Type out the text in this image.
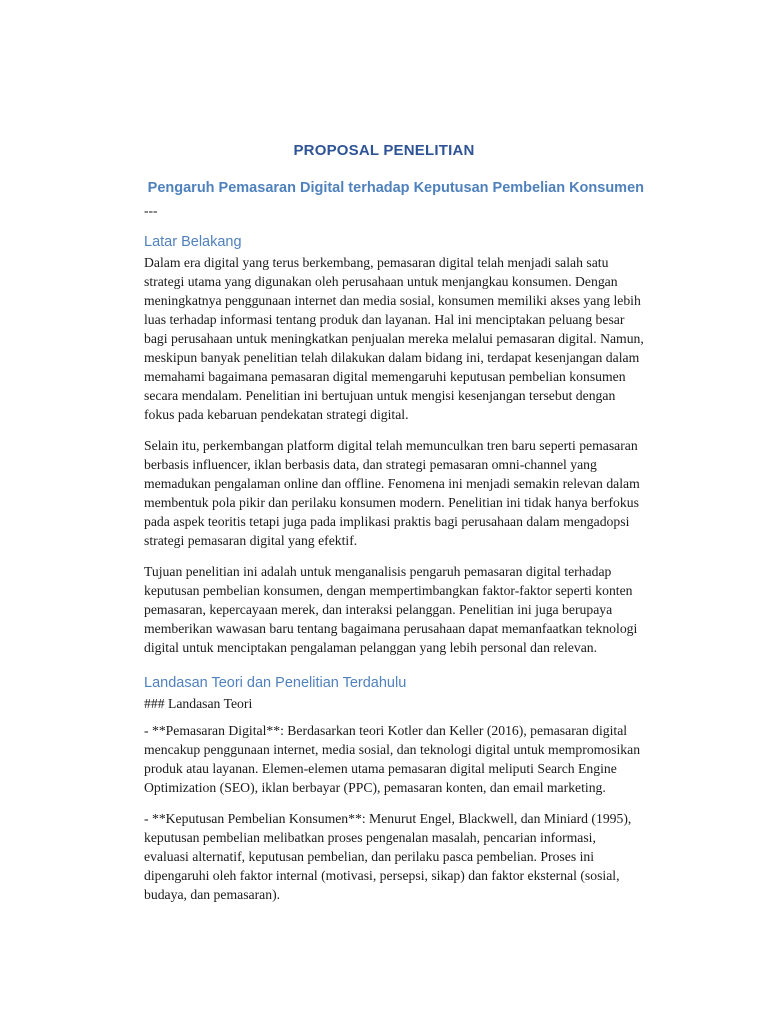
PROPOSAL PENELITIAN
Pengaruh Pemasaran Digital terhadap Keputusan Pembelian Konsumen
---
Latar Belakang

Dalam era digital yang terus berkembang, pemasaran digital telah menjadi salah satu strategi utama yang digunakan oleh perusahaan untuk menjangkau konsumen. Dengan meningkatnya penggunaan internet dan media sosial, konsumen memiliki akses yang lebih luas terhadap informasi tentang produk dan layanan. Hal ini menciptakan peluang besar bagi perusahaan untuk meningkatkan penjualan mereka melalui pemasaran digital. Namun, meskipun banyak penelitian telah dilakukan dalam bidang ini, terdapat kesenjangan dalam memahami bagaimana pemasaran digital memengaruhi keputusan pembelian konsumen secara mendalam. Penelitian ini bertujuan untuk mengisi kesenjangan tersebut dengan fokus pada kebaruan pendekatan strategi digital.

Selain itu, perkembangan platform digital telah memunculkan tren baru seperti pemasaran berbasis influencer, iklan berbasis data, dan strategi pemasaran omni-channel yang memadukan pengalaman online dan offline. Fenomena ini menjadi semakin relevan dalam membentuk pola pikir dan perilaku konsumen modern. Penelitian ini tidak hanya berfokus pada aspek teoritis tetapi juga pada implikasi praktis bagi perusahaan dalam mengadopsi strategi pemasaran digital yang efektif.

Tujuan penelitian ini adalah untuk menganalisis pengaruh pemasaran digital terhadap keputusan pembelian konsumen, dengan mempertimbangkan faktor-faktor seperti konten pemasaran, kepercayaan merek, dan interaksi pelanggan. Penelitian ini juga berupaya memberikan wawasan baru tentang bagaimana perusahaan dapat memanfaatkan teknologi digital untuk menciptakan pengalaman pelanggan yang lebih personal dan relevan.

Landasan Teori dan Penelitian Terdahulu

### Landasan Teori

- **Pemasaran Digital**: Berdasarkan teori Kotler dan Keller (2016), pemasaran digital mencakup penggunaan internet, media sosial, dan teknologi digital untuk mempromosikan produk atau layanan. Elemen-elemen utama pemasaran digital meliputi Search Engine Optimization (SEO), iklan berbayar (PPC), pemasaran konten, dan email marketing.

- **Keputusan Pembelian Konsumen**: Menurut Engel, Blackwell, dan Miniard (1995), keputusan pembelian melibatkan proses pengenalan masalah, pencarian informasi, evaluasi alternatif, keputusan pembelian, dan perilaku pasca pembelian. Proses ini dipengaruhi oleh faktor internal (motivasi, persepsi, sikap) dan faktor eksternal (sosial, budaya, dan pemasaran).
